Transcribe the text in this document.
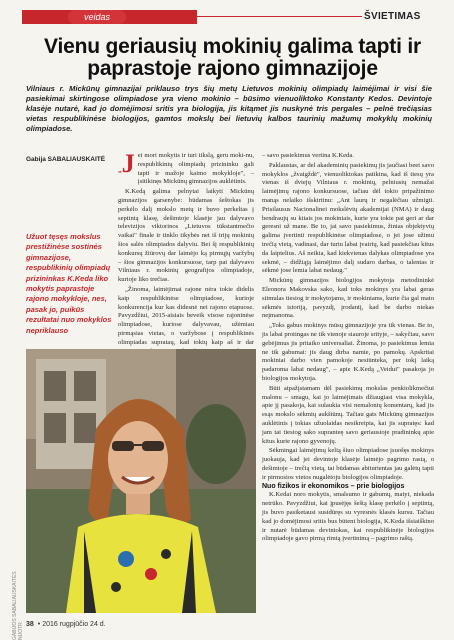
veidas	ŠVIETIMAS
Vienu geriausių mokinių galima tapti ir paprastoje rajono gimnazijoje

Vilniaus r. Mickūnų gimnazijai priklauso trys šių metų Lietuvos mokinių olimpiadų laimėjimai ir visi šie pasiekimai skirtingose olimpiadose yra vieno mokinio – būsimo vienuoliktoko Konstanty Kedos. Devintoje klasėje nutarė, kad jo domėjimosi sritis yra biologija, jis kitąmet jis nuskynė tris pergales – pelnė trečiąsias vietas respublikinėse biologijos, gamtos mokslų bei lietuvių kalbos taurinių mažumų mokyklų mokinių olimpiadose.

Gabija SABALIAUSKAITĖ

Užuot tęsęs mokslus prestižinėse sostinės gimnazijose, respublikinių olimpiadų prizininkas K.Keda liko mokytis paprastoje rajono mokykloje, nes, pasak jo, puikūs rezultatai nuo mokyklos nepriklauso

„J ei mori mokytis ir turi tikslą, geru moki-nu, respublikinių olimpiadų prizininku gali tapti ir mažoje kaimo mokykloje", – įsitikinęs Mickūnų gimnazijos auklėtinis.

K.Kedą galima pelnytai laikyti Mickūnų gimnazijos garsenybe: būdamas šeštokas jis perkėlo dalį mokslo metų ir buvo perkeltas į septintą klasę, dešimtoje klasėje jau dalyvavo televizijos viktorinos „Lietuvos tūkstantmečio vaikai" finale ir tinklo tikybės net iš trijų mokinių šios salės olimpiados dalyviu. Bei šį respublikinių konkursų žiūrovų dar laimėjo ką pirmųjų varžybų – šios gimnazijos konkursuose, tarp pat dalyvavo Vilniaus r. mokinių geografijos olimpiadoje, kurioje liko trečias.

„Žinoma, laimėjimai rajone nėra tokie didelis kaip respublikinėse olimpiadose, kurioje konkurencija kur kas didesnė nei rajono etapuose. Pavyzdžiui, 2015-aisiais beveik visose rajoninėse olimpiadose, kuriose dalyvavau, užėmiau pirmąsias vietas, o varžybose į respublikinės olimpiadas suprataų, kad tokių kaip aš ir dar

– savo pasiekimus vertina K.Keda.

Paklaustas, ar del akademinių pasiekimų jis jaučiasi beet savo mokyklos „žvaigždė", vienuoliktokas patikina, kad iš tiesų yra vienas iš dviejų Vilniaus r. mokinių, pelniusių nemažai laimėjimų rajono konkursuose, tačiau dėl tokio pripažinimo manąs nelaiko išskirtinu: „Ant laurų ir negalėčiau užmigti. Prisilausus Nacionalinei mokslėvių akademijai (NMA) ir daug bendraujų su kitais jos mokiniais, kurie yra tokie pat geri ar dar geresni už mane. Be to, jai savo pasiekimus, žinias objektyvių galima įvertinti respublikinėse olimpiadose, o jei jose užimu trečią vietą, vadinasi, dar turiu labai įvairių, kad pasiekčiau kitus da laiptelius. Aš neikia, kad kiekvienas dalykas olimpiadose yra sekmė, – didžiąją laimėjimo dalį sudaro darbas, o talentas ir sėkmė jose lemia labai nedaug."

Mickūnų gimnazijos biologijos mokytoja metodininkė Eleonora Makovska sako, kad toks mokinys yra labai geras stimulas tiesiog ir mokytojams, ir mokiniams, kurie čia gal mato sėkmės istoriją, pavyzdį, įrodantį, kad be darbo niekas neįmanoma.

„Toks gabus mokinys mūsų gimnazijoje yra tik vienas. Be to, jis labai protingas ne tik vienoje siauroje srityje, – sakyčiau, savo gebėjimus jis pritaiko universaliai. Žinoma, jo pasiekimus lemia ne tik gabumai: jis daug dirba namie, po pamokų. Apskritai mokiniai darbo vien pamokoje nesiūnteka, per tokį laiką padaroma labai nedaug", – apie K.Kedą „Veidui" pasakoja jo biologijos mokytoja.

Būti atpažįstamam dėl pasiekimų mokslas penkiolikmečiui malonu – smagu, kai jo laimėjimais džiaugiasi visa mokykla, apie jį pasakoja, kai sulaukia visi nemalonių komentarų, kad jis esąs mokslo sėkmių aukštūnų. Tačiau gats Mickūnų gimnazijos auklėtinis į tokias užuolaidas nesikreipia, kai jis supratęs: kad jam tai tiesiog sako supranteę savo geriausioje pradininkų apie kitus kurie rajono gyvenojų.

Sėkmingai laimėjimų kelią šiuo olimpiadose įsuošęs mokinys juokauja, kad jei devintoje klasėje laimėjo pagrimo rastą, o dešimtoje – trečią vietą, tai būdamas abiturientas jau galėtų tapti ir pirmosios vietos nugalėtoju biologijos olimpiadoje.

Nuo fizikos ir ekonomikos – prie biologijos

K.Kedai noro mokytis, smalsumo ir gabumų, matyt, niekada netrūko. Pavyzdžiui, kai įpusėjęs šeštą klasę perkėlo į septintą, jis buvo pasiketausi susidūręs su vyresnės klasės kursu. Tačiau kad jo domėjimosi sritis bus būtent biologija, K.Keda išsiaiškino ir nutarė būdamas devintokas, kai respublikinėje biologijos olimpiadoje gavo pirmą rimtą įvertinimą – pagrimo raštą.

GABIJOS SABALIAUSKAITĖS NUOTR. 38 • 2016 rugpjūčio 24 d.
